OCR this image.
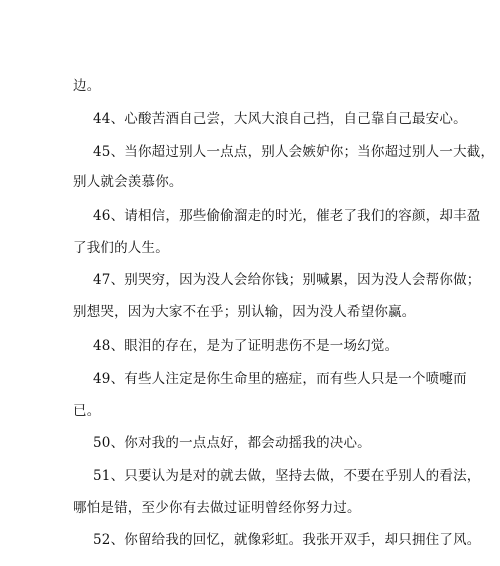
边。
44、心酸苦酒自己尝，大风大浪自己挡，自己靠自己最安心。
45、当你超过别人一点点，别人会嫉妒你；当你超过别人一大截，
别人就会羡慕你。
46、请相信，那些偷偷溜走的时光，催老了我们的容颜，却丰盈
了我们的人生。
47、别哭穷，因为没人会给你钱；别喊累，因为没人会帮你做；
别想哭，因为大家不在乎；别认输，因为没人希望你赢。
48、眼泪的存在，是为了证明悲伤不是一场幻觉。
49、有些人注定是你生命里的癌症，而有些人只是一个喷嚏而
已。
50、你对我的一点点好，都会动摇我的决心。
51、只要认为是对的就去做，坚持去做，不要在乎别人的看法，
哪怕是错，至少你有去做过证明曾经你努力过。
52、你留给我的回忆，就像彩虹。我张开双手，却只拥住了风。
